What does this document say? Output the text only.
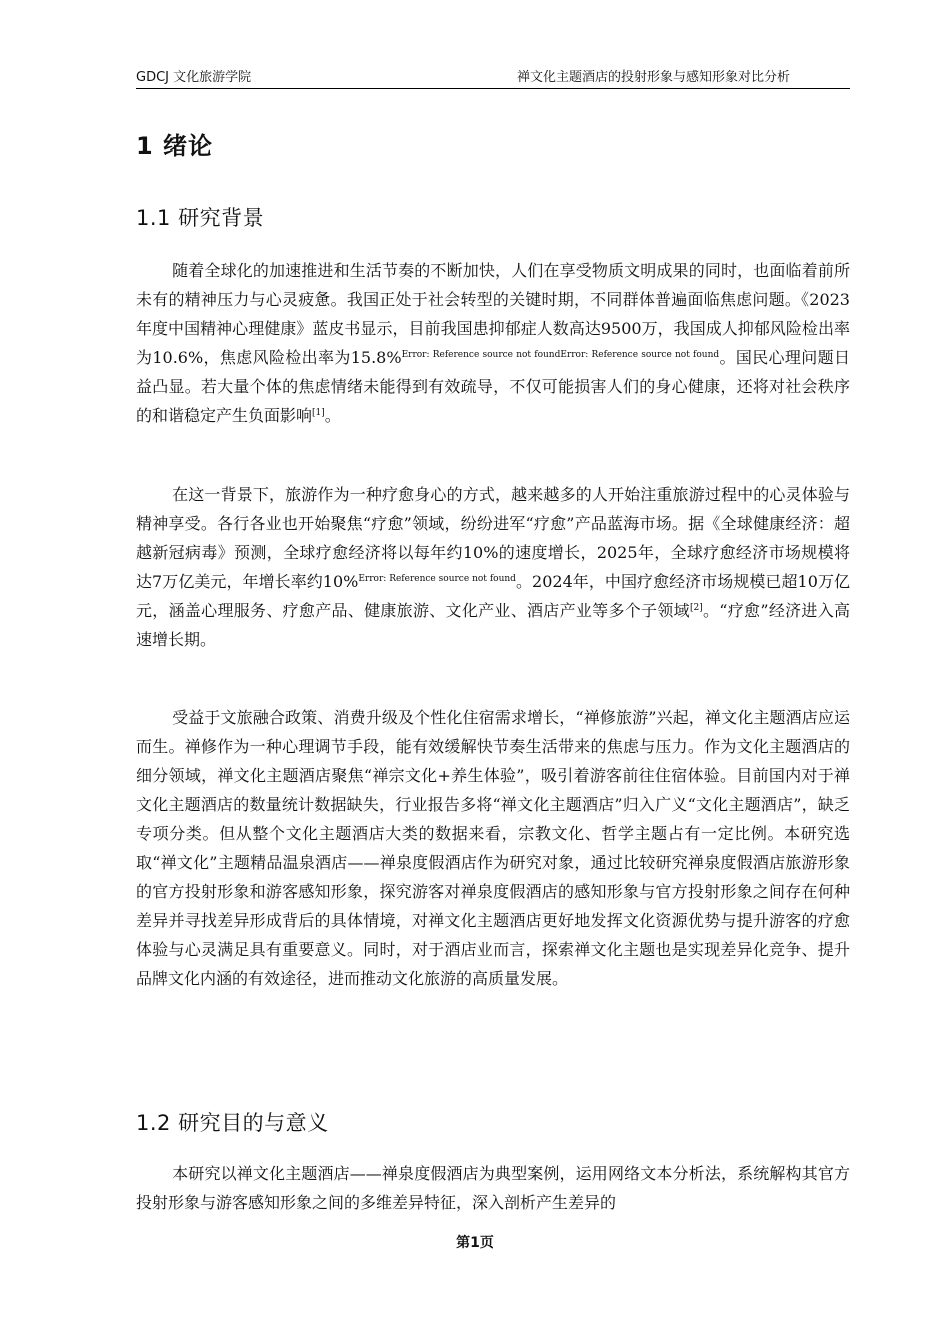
GDCJ 文化旅游学院	禅文化主题酒店的投射形象与感知形象对比分析
1 绪论
1.1 研究背景

随着全球化的加速推进和生活节奏的不断加快，人们在享受物质文明成果的同时，也面临着前所未有的精神压力与心灵疲惫。我国正处于社会转型的关键时期，不同群体普遍面临焦虑问题。《2023年度中国精神心理健康》蓝皮书显示，目前我国患抑郁症人数高达9500万，我国成人抑郁风险检出率为10.6%，焦虑风险检出率为15.8%$^{Error: Reference source not foundError: Reference source not found}$。国民心理问题日益凸显。若大量个体的焦虑情绪未能得到有效疏导，不仅可能损害人们的身心健康，还将对社会秩序的和谐稳定产生负面影响[1]。

在这一背景下，旅游作为一种疗愈身心的方式，越来越多的人开始注重旅游过程中的心灵体验与精神享受。各行各业也开始聚焦“疗愈”领域，纷纷进军“疗愈”产品蓝海市场。据《全球健康经济：超越新冠病毒》预测，全球疗愈经济将以每年约10%的速度增长，2025年，全球疗愈经济市场规模将达7万亿美元，年增长率约10%$^{Error: Reference source not found}$。2024年，中国疗愈经济市场规模已超10万亿元，涵盖心理服务、疗愈产品、健康旅游、文化产业、酒店产业等多个子领域[2]。“疗愈”经济进入高速增长期。

受益于文旅融合政策、消费升级及个性化住宿需求增长，“禅修旅游”兴起，禅文化主题酒店应运而生。禅修作为一种心理调节手段，能有效缓解快节奏生活带来的焦虑与压力。作为文化主题酒店的细分领域，禅文化主题酒店聚焦“禅宗文化+养生体验”，吸引着游客前往住宿体验。目前国内对于禅文化主题酒店的数量统计数据缺失，行业报告多将“禅文化主题酒店”归入广义“文化主题酒店”，缺乏专项分类。但从整个文化主题酒店大类的数据来看，宗教文化、哲学主题占有一定比例。本研究选取“禅文化”主题精品温泉酒店——禅泉度假酒店作为研究对象，通过比较研究禅泉度假酒店旅游形象的官方投射形象和游客感知形象，探究游客对禅泉度假酒店的感知形象与官方投射形象之间存在何种差异并寻找差异形成背后的具体情境，对禅文化主题酒店更好地发挥文化资源优势与提升游客的疗愈体验与心灵满足具有重要意义。同时，对于酒店业而言，探索禅文化主题也是实现差异化竞争、提升品牌文化内涵的有效途径，进而推动文化旅游的高质量发展。

1.2 研究目的与意义

本研究以禅文化主题酒店——禅泉度假酒店为典型案例，运用网络文本分析法，系统解构其官方投射形象与游客感知形象之间的多维差异特征，深入剖析产生差异的

第1页
